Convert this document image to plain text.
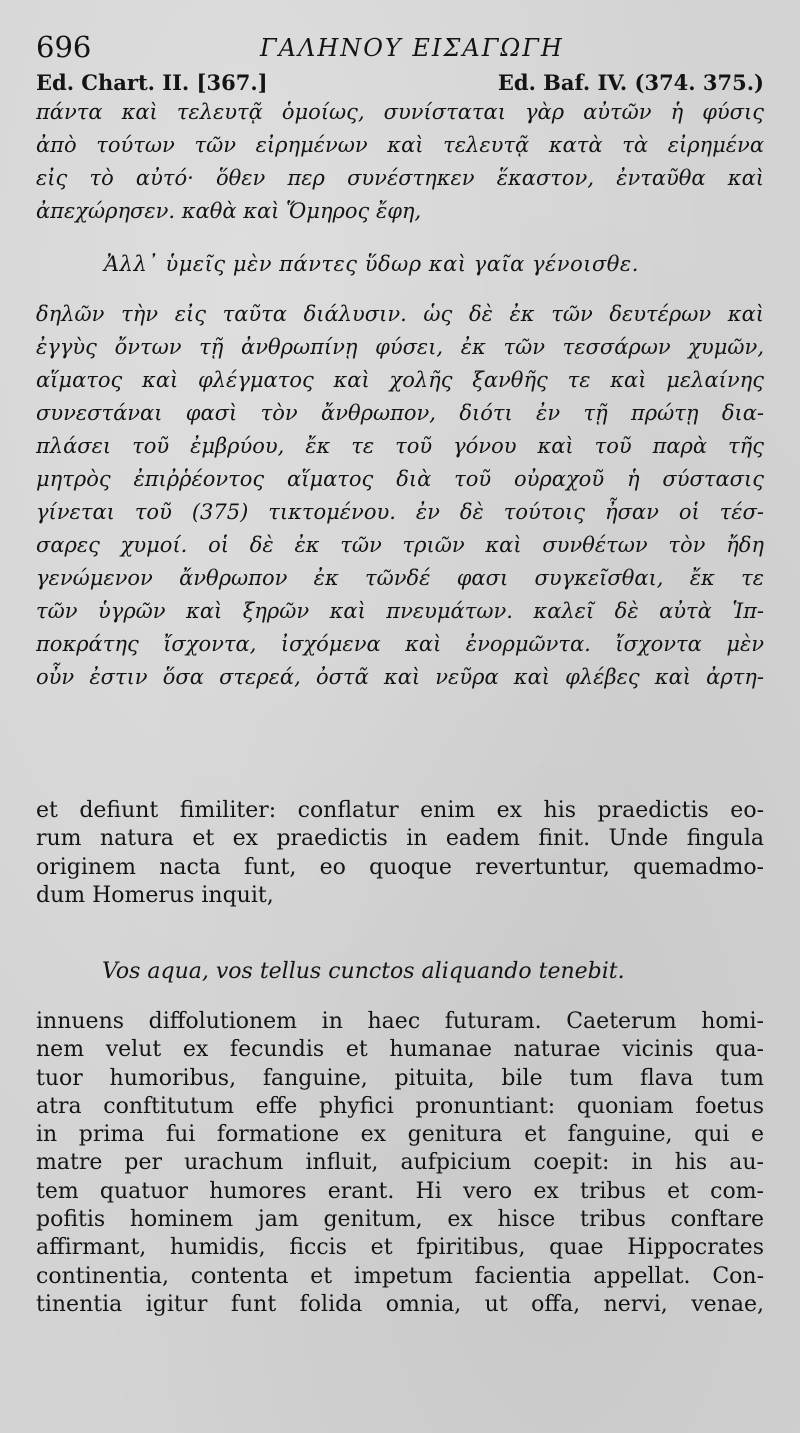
696	ΓΑΛΗΝΟΥ ΕΙΣΑΓΩΓΗ
Ed. Chart. II. [367.]	Ed. Baf. IV. (374. 375.)
πάντα καὶ τελευτᾷ ὁμοίως, συνίσταται γὰρ αὐτῶν ἡ φύσις
ἀπὸ τούτων τῶν εἰρημένων καὶ τελευτᾷ κατὰ τὰ εἰρημένα
εἰς τὸ αὐτό· ὅθεν περ συνέστηκεν ἕκαστον, ἐνταῦθα καὶ
ἀπεχώρησεν. καθὰ καὶ Ὅμηρος ἔφη,
Ἀλλ᾽ ὑμεῖς μὲν πάντες ὕδωρ καὶ γαῖα γένοισθε.
δηλῶν τὴν εἰς ταῦτα διάλυσιν. ὡς δὲ ἐκ τῶν δευτέρων καὶ
ἐγγὺς ὄντων τῇ ἀνθρωπίνῃ φύσει, ἐκ τῶν τεσσάρων χυμῶν,
αἵματος καὶ φλέγματος καὶ χολῆς ξανθῆς τε καὶ μελαίνης
συνεστάναι φασὶ τὸν ἄνθρωπον, διότι ἐν τῇ πρώτῃ δια-
πλάσει τοῦ ἐμβρύου, ἔκ τε τοῦ γόνου καὶ τοῦ παρὰ τῆς
μητρὸς ἐπιῤῥέοντος αἵματος διὰ τοῦ οὐραχοῦ ἡ σύστασις
γίνεται τοῦ (375) τικτομένου. ἐν δὲ τούτοις ἦσαν οἱ τέσ-
σαρες χυμοί. οἱ δὲ ἐκ τῶν τριῶν καὶ συνθέτων τὸν ἤδη
γενώμενον ἄνθρωπον ἐκ τῶνδέ φασι συγκεῖσθαι, ἔκ τε
τῶν ὑγρῶν καὶ ξηρῶν καὶ πνευμάτων. καλεῖ δὲ αὐτὰ Ἱπ-
ποκράτης ἴσχοντα, ἰσχόμενα καὶ ἐνορμῶντα. ἴσχοντα μὲν
οὖν ἐστιν ὅσα στερεά, ὀστᾶ καὶ νεῦρα καὶ φλέβες καὶ ἀρτη-
et defiunt fimiliter: conflatur enim ex his praedictis eo-
rum natura et ex praedictis in eadem finit. Unde fingula
originem nacta funt, eo quoque revertuntur, quemadmo-
dum Homerus inquit,
Vos aqua, vos tellus cunctos aliquando tenebit.
innuens diffolutionem in haec futuram. Caeterum homi-
nem velut ex fecundis et humanae naturae vicinis qua-
tuor humoribus, fanguine, pituita, bile tum flava tum
atra conftitutum effe phyfici pronuntiant: quoniam foetus
in prima fui formatione ex genitura et fanguine, qui e
matre per urachum influit, aufpicium coepit: in his au-
tem quatuor humores erant. Hi vero ex tribus et com-
pofitis hominem jam genitum, ex hisce tribus conftare
affirmant, humidis, ficcis et fpiritibus, quae Hippocrates
continentia, contenta et impetum facientia appellat. Con-
tinentia igitur funt folida omnia, ut offa, nervi, venae,
